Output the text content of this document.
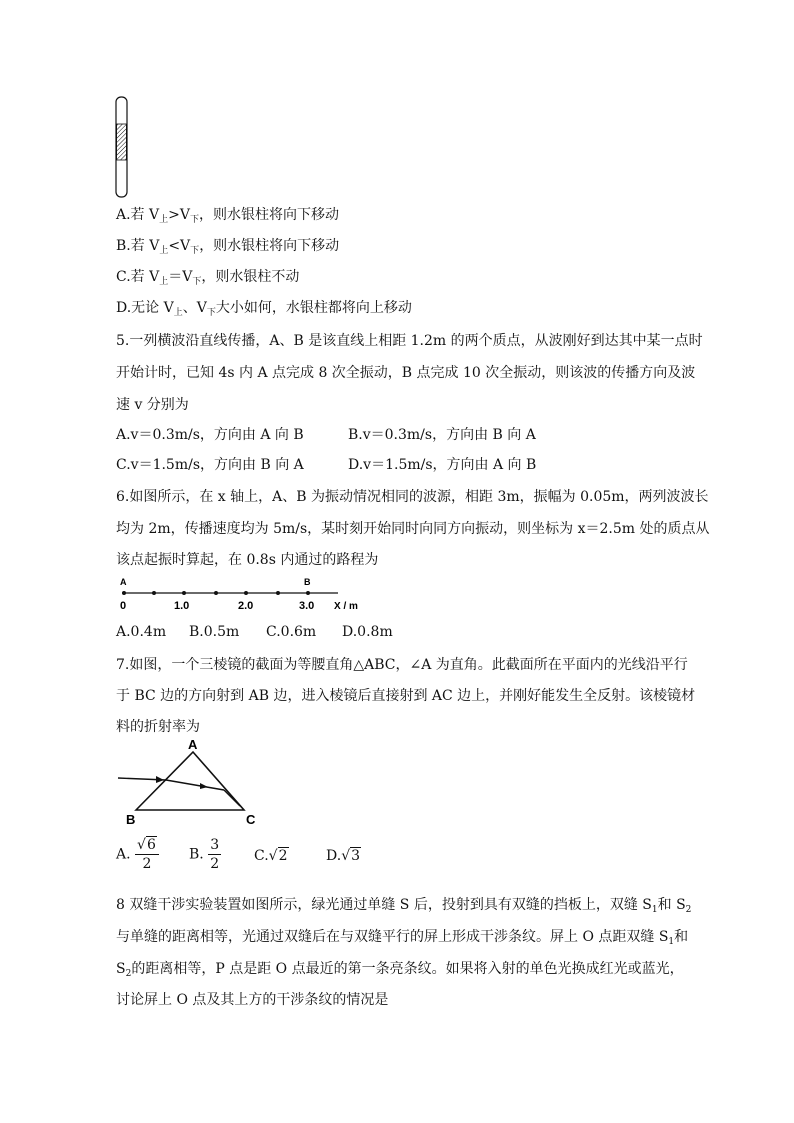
A.若 $V_上>V_下$，则水银柱将向下移动
B.若 $V_上<V_下$，则水银柱将向下移动
C.若 $V_上=V_下$，则水银柱不动
D.无论 $V_上$、$V_下$大小如何，水银柱都将向上移动
5.一列横波沿直线传播，A、B 是该直线上相距 1.2m 的两个质点，从波刚好到达其中某一点时
开始计时，已知 4s 内 A 点完成 8 次全振动，B 点完成 10 次全振动，则该波的传播方向及波
速 v 分别为
A.v＝0.3m/s，方向由 A 向 B	B.v＝0.3m/s，方向由 B 向 A
C.v＝1.5m/s，方向由 B 向 A	D.v＝1.5m/s，方向由 A 向 B
6.如图所示，在 x 轴上，A、B 为振动情况相同的波源，相距 3m，振幅为 0.05m，两列波波长
均为 2m，传播速度均为 5m/s，某时刻开始同时向同方向振动，则坐标为 x＝2.5m 处的质点从
该点起振时算起，在 0.8s 内通过的路程为
A	B
0	1.0	2.0	3.0 X / m
A.0.4m B.0.5m C.0.6m D.0.8m
7.如图，一个三棱镜的截面为等腰直角△ABC，∠A 为直角。此截面所在平面内的光线沿平行
于 BC 边的方向射到 AB 边，进入棱镜后直接射到 AC 边上，并刚好能发生全反射。该棱镜材
料的折射率为
A
B	C
A. $\frac{√6}{2} B$. $\frac{3}{2} C.√2$	D.√3
8 双缝干涉实验装置如图所示，绿光通过单缝 S 后，投射到具有双缝的挡板上，双缝 $S_1$和 $S_2$
与单缝的距离相等，光通过双缝后在与双缝平行的屏上形成干涉条纹。屏上 O 点距双缝 $S_1$和
$S_2$的距离相等，P 点是距 O 点最近的第一条亮条纹。如果将入射的单色光换成红光或蓝光，
讨论屏上 O 点及其上方的干涉条纹的情况是
